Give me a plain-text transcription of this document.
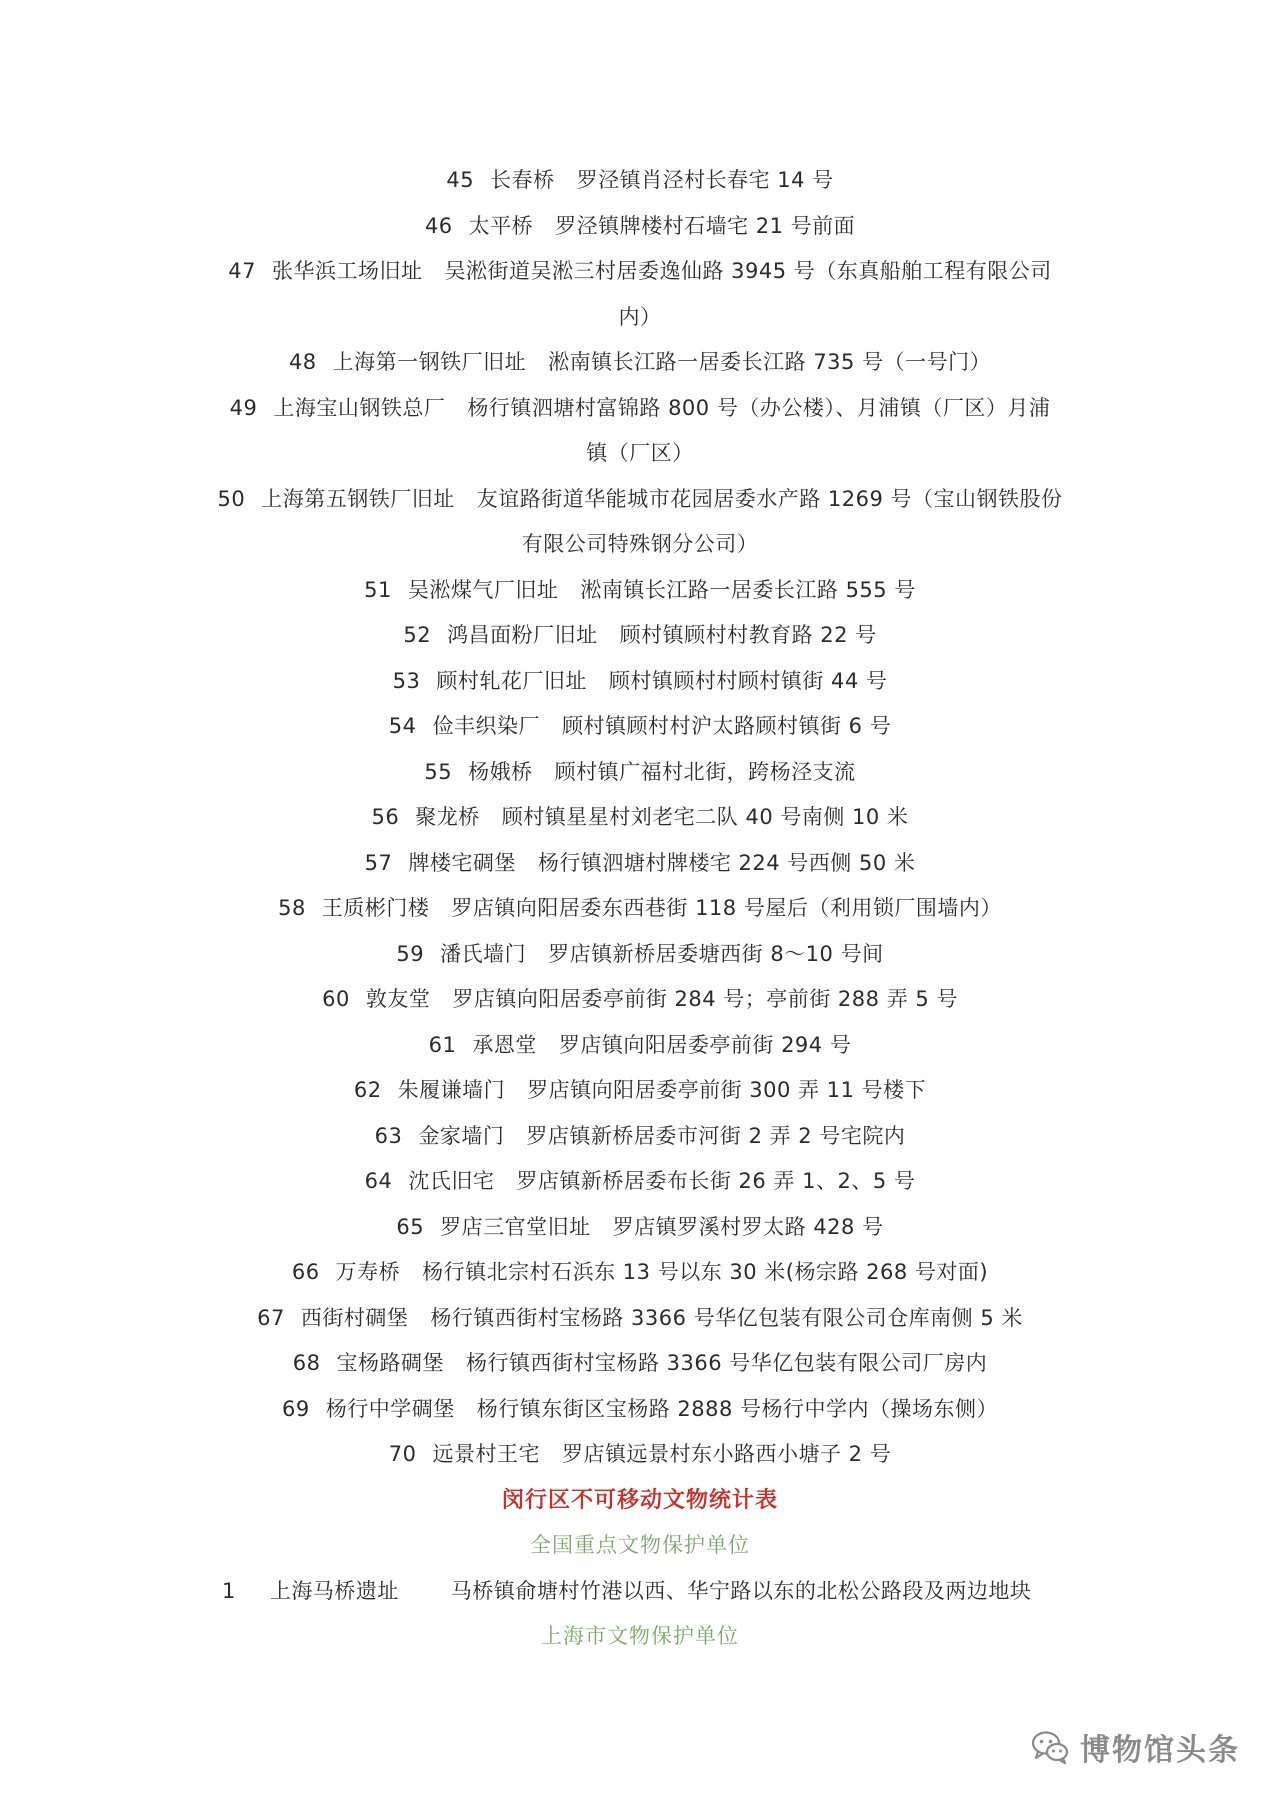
45 长春桥 罗泾镇肖泾村长春宅 14 号
46 太平桥 罗泾镇牌楼村石墙宅 21 号前面
47 张华浜工场旧址 吴淞街道吴淞三村居委逸仙路 3945 号（东真船舶工程有限公司
内）
48 上海第一钢铁厂旧址 淞南镇长江路一居委长江路 735 号（一号门）
49 上海宝山钢铁总厂 杨行镇泗塘村富锦路 800 号（办公楼）、月浦镇（厂区）月浦
镇（厂区）
50 上海第五钢铁厂旧址 友谊路街道华能城市花园居委水产路 1269 号（宝山钢铁股份
有限公司特殊钢分公司）
51 吴淞煤气厂旧址 淞南镇长江路一居委长江路 555 号
52 鸿昌面粉厂旧址 顾村镇顾村村教育路 22 号
53 顾村轧花厂旧址 顾村镇顾村村顾村镇街 44 号
54 俭丰织染厂 顾村镇顾村村沪太路顾村镇街 6 号
55 杨娥桥 顾村镇广福村北街，跨杨泾支流
56 聚龙桥 顾村镇星星村刘老宅二队 40 号南侧 10 米
57 牌楼宅碉堡 杨行镇泗塘村牌楼宅 224 号西侧 50 米
58 王质彬门楼 罗店镇向阳居委东西巷街 118 号屋后（利用锁厂围墙内）
59 潘氏墙门 罗店镇新桥居委塘西街 8～10 号间
60 敦友堂 罗店镇向阳居委亭前街 284 号；亭前街 288 弄 5 号
61 承恩堂 罗店镇向阳居委亭前街 294 号
62 朱履谦墙门 罗店镇向阳居委亭前街 300 弄 11 号楼下
63 金家墙门 罗店镇新桥居委市河街 2 弄 2 号宅院内
64 沈氏旧宅 罗店镇新桥居委布长街 26 弄 1、2、5 号
65 罗店三官堂旧址 罗店镇罗溪村罗太路 428 号
66 万寿桥 杨行镇北宗村石浜东 13 号以东 30 米(杨宗路 268 号对面)
67 西街村碉堡 杨行镇西街村宝杨路 3366 号华亿包装有限公司仓库南侧 5 米
68 宝杨路碉堡 杨行镇西街村宝杨路 3366 号华亿包装有限公司厂房内
69 杨行中学碉堡 杨行镇东街区宝杨路 2888 号杨行中学内（操场东侧）
70 远景村王宅 罗店镇远景村东小路西小塘子 2 号
闵行区不可移动文物统计表
全国重点文物保护单位
1 上海马桥遗址 马桥镇俞塘村竹港以西、华宁路以东的北松公路段及两边地块
上海市文物保护单位
博物馆头条
